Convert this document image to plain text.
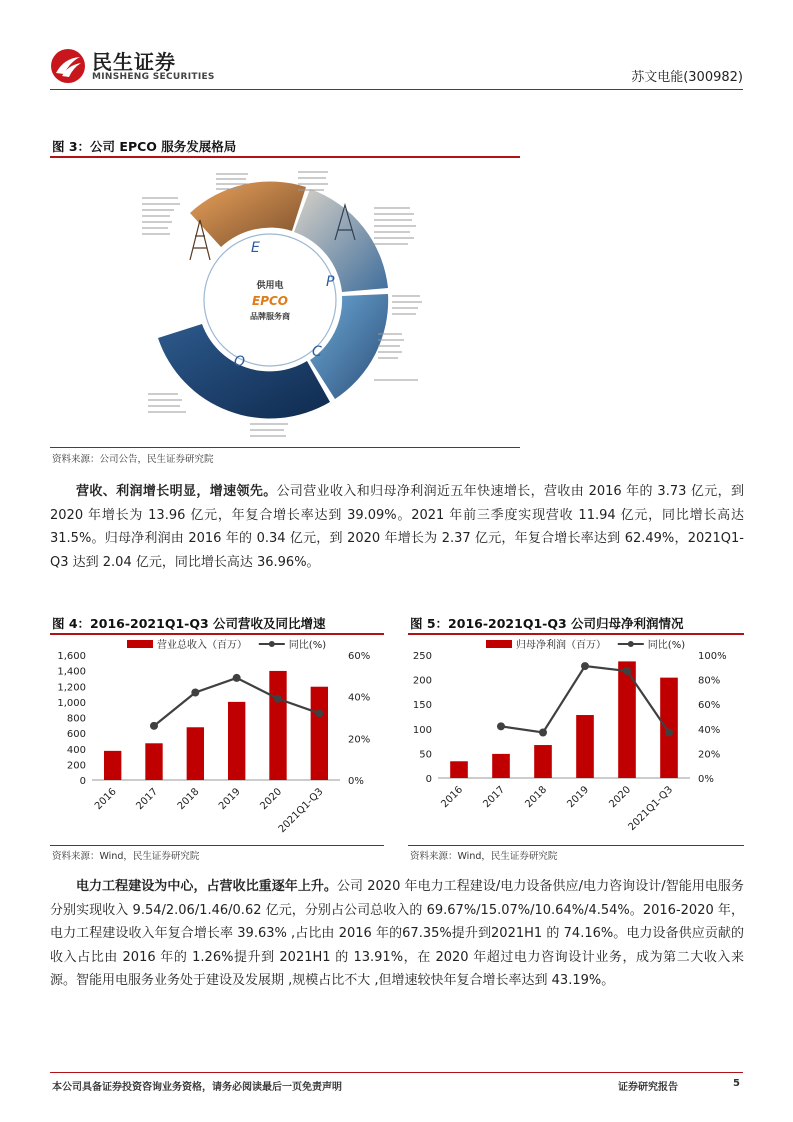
民生证券
MINSHENG SECURITIES	苏文电能(300982)
图 3：公司 EPCO 服务发展格局
E
P
C
O
供用电
EPCO
品牌服务商
资料来源：公司公告，民生证券研究院
营收、利润增长明显，增速领先。公司营业收入和归母净利润近五年快速增长，营收由 2016 年的 3.73 亿元，到 2020 年增长为 13.96 亿元，年复合增长率达到 39.09%。2021 年前三季度实现营收 11.94 亿元，同比增长高达 31.5%。归母净利润由 2016 年的 0.34 亿元，到 2020 年增长为 2.37 亿元，年复合增长率达到 62.49%，2021Q1-Q3 达到 2.04 亿元，同比增长高达 36.96%。
图 4：2016-2021Q1-Q3 公司营收及同比增速
营业总收入（百万）	同比(%)
0
200
400
600
800
1,000
1,200
1,400
1,600
0%
20%
40%
60%
2016 2017 2018 2019 2020
2021Q1-Q3
资料来源：Wind，民生证券研究院
图 5：2016-2021Q1-Q3 公司归母净利润情况
归母净利润（百万）	同比(%)
0
50
100
150
200
250
0%
20%
40%
60%
80%
100%
2016 2017 2018 2019 2020
2021Q1-Q3
资料来源：Wind，民生证券研究院
电力工程建设为中心，占营收比重逐年上升。公司 2020 年电力工程建设/电力设备供应/电力咨询设计/智能用电服务分别实现收入 9.54/2.06/1.46/0.62 亿元，分别占公司总收入的 69.67%/15.07%/10.64%/4.54%。2016-2020 年，电力工程建设收入年复合增长率 39.63% ,占比由 2016 年的67.35%提升到2021H1 的 74.16%。电力设备供应贡献的收入占比由 2016 年的 1.26%提升到 2021H1 的 13.91%，在 2020 年超过电力咨询设计业务，成为第二大收入来源。智能用电服务业务处于建设及发展期 ,规模占比不大 ,但增速较快年复合增长率达到 43.19%。
本公司具备证券投资咨询业务资格，请务必阅读最后一页免责声明	证券研究报告	5
